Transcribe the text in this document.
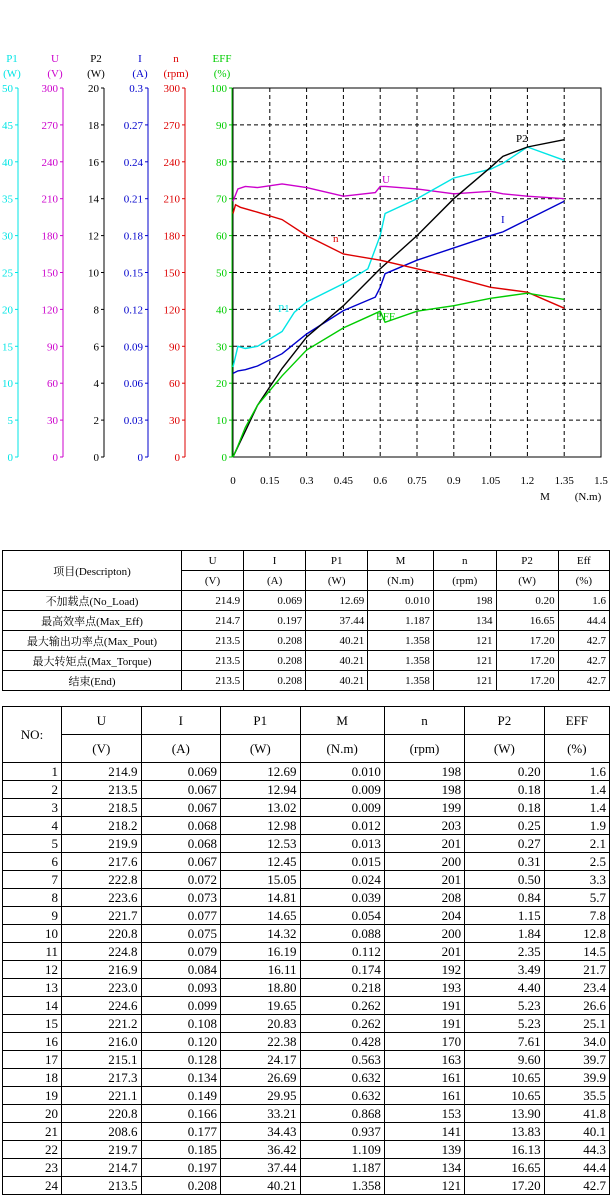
0 0.15 0.3 0.45 0.6 0.75 0.9 1.05 1.2 1.35 1.5
M (N.m)
P1
(W)
0
5
10
15
20
25
30
35
40
45
50
U
(V)
0
30
60
90
120
150
180
210
240
270
300
P2
(W)
0
2
4
6
8
10
12
14
16
18
20
I
(A)
0
0.03
0.06
0.09
0.12
0.15
0.18
0.21
0.24
0.27
0.3
n
(rpm)
0
30
60
90
120
150
180
210
240
270
300
EFF
(%)
0
10
20
30
40
50
60
70
80
90
100
U
I
P1
P2
n
EFF
项目(Descripton)	U	I	P1	M	n	P2	Eff
	(V)	(A)	(W)	(N.m)	(rpm)	(W)	(%)
不加载点(No_Load)	214.9	0.069	12.69	0.010	198	0.20	1.6
最高效率点(Max_Eff)	214.7	0.197	37.44	1.187	134	16.65	44.4
最大输出功率点(Max_Pout)	213.5	0.208	40.21	1.358	121	17.20	42.7
最大转矩点(Max_Torque)	213.5	0.208	40.21	1.358	121	17.20	42.7
结束(End)	213.5	0.208	40.21	1.358	121	17.20	42.7
NO:	U	I	P1	M	n	P2	EFF
	(V)	(A)	(W)	(N.m)	(rpm)	(W)	(%)
1	214.9	0.069	12.69	0.010	198	0.20	1.6
2	213.5	0.067	12.94	0.009	198	0.18	1.4
3	218.5	0.067	13.02	0.009	199	0.18	1.4
4	218.2	0.068	12.98	0.012	203	0.25	1.9
5	219.9	0.068	12.53	0.013	201	0.27	2.1
6	217.6	0.067	12.45	0.015	200	0.31	2.5
7	222.8	0.072	15.05	0.024	201	0.50	3.3
8	223.6	0.073	14.81	0.039	208	0.84	5.7
9	221.7	0.077	14.65	0.054	204	1.15	7.8
10	220.8	0.075	14.32	0.088	200	1.84	12.8
11	224.8	0.079	16.19	0.112	201	2.35	14.5
12	216.9	0.084	16.11	0.174	192	3.49	21.7
13	223.0	0.093	18.80	0.218	193	4.40	23.4
14	224.6	0.099	19.65	0.262	191	5.23	26.6
15	221.2	0.108	20.83	0.262	191	5.23	25.1
16	216.0	0.120	22.38	0.428	170	7.61	34.0
17	215.1	0.128	24.17	0.563	163	9.60	39.7
18	217.3	0.134	26.69	0.632	161	10.65	39.9
19	221.1	0.149	29.95	0.632	161	10.65	35.5
20	220.8	0.166	33.21	0.868	153	13.90	41.8
21	208.6	0.177	34.43	0.937	141	13.83	40.1
22	219.7	0.185	36.42	1.109	139	16.13	44.3
23	214.7	0.197	37.44	1.187	134	16.65	44.4
24	213.5	0.208	40.21	1.358	121	17.20	42.7
